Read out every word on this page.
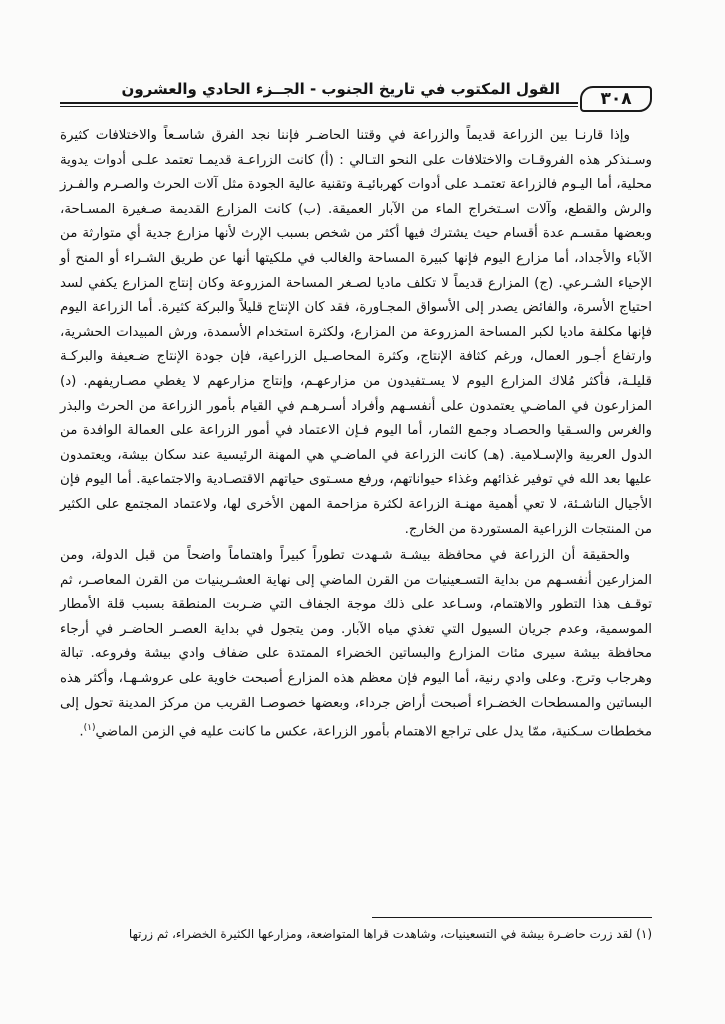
٣٠٨
القول المكتوب في تاريخ الجنوب - الجــزء الحادي والعشرون

وإذا قارنـا بين الزراعة قديماً والزراعة في وقتنا الحاضـر فإننا نجد الفرق شاسـعاً والاختلافات كثيرة وسـنذكر هذه الفروقـات والاختلافات على النحو التـالي : (أ) كانت الزراعـة قديمـا تعتمد علـى أدوات يدوية محلية، أما اليـوم فالزراعة تعتمـد على أدوات كهربائيـة وتقنية عالية الجودة مثل آلات الحرث والصـرم والفـرز والرش والقطع، وآلات اسـتخراج الماء من الآبار العميقة. (ب) كانت المزارع القديمة صـغيرة المسـاحة، وبعضها مقسـم عدة أقسام حيث يشترك فيها أكثر من شخص بسبب الإرث لأنها مزارع جدية أي متوارثة من الآباء والأجداد، أما مزارع اليوم فإنها كبيرة المساحة والغالب في ملكيتها أنها عن طريق الشـراء أو المنح أو الإحياء الشـرعي. (ج) المزارع قديماً لا تكلف ماديا لصـغر المساحة المزروعة وكان إنتاج المزارع يكفي لسد احتياج الأسرة، والفائض يصدر إلى الأسواق المجـاورة، فقد كان الإنتاج قليلاً والبركة كثيرة. أما الزراعة اليوم فإنها مكلفة ماديا لكبر المساحة المزروعة من المزارع، ولكثرة استخدام الأسمدة، ورش المبيدات الحشرية، وارتفاع أجـور العمال، ورغم كثافة الإنتاج، وكثرة المحاصـيل الزراعية، فإن جودة الإنتاج ضـعيفة والبركـة قليلـة، فأكثر مُلاك المزارع اليوم لا يسـتفيدون من مزارعهـم، وإنتاج مزارعهم لا يغطي مصـاريفهم. (د) المزارعون في الماضـي يعتمدون على أنفسـهم وأفراد أسـرهـم في القيام بأمور الزراعة من الحرث والبذر والغرس والسـقيا والحصـاد وجمع الثمار، أما اليوم فـإن الاعتماد في أمور الزراعة على العمالة الوافدة من الدول العربية والإسـلامية. (هـ) كانت الزراعة في الماضـي هي المهنة الرئيسية عند سكان بيشة، ويعتمدون عليها بعد الله في توفير غذائهم وغذاء حيواناتهم، ورفع مسـتوى حياتهم الاقتصـادية والاجتماعية. أما اليوم فإن الأجيال الناشـئة، لا تعي أهمية مهنـة الزراعة لكثرة مزاحمة المهن الأخرى لها، ولاعتماد المجتمع على الكثير من المنتجات الزراعية المستوردة من الخارج.

والحقيقة أن الزراعة في محافظة بيشـة شـهدت تطوراً كبيراً واهتماماً واضحاً من قبل الدولة، ومن المزارعين أنفسـهم من بداية التسـعينيات من القرن الماضي إلى نهاية العشـرينيات من القرن المعاصـر، ثم توقـف هذا التطور والاهتمام، وسـاعد على ذلك موجة الجفاف التي ضـربت المنطقة بسبب قلة الأمطار الموسمية، وعدم جريان السيول التي تغذي مياه الآبار. ومن يتجول في بداية العصـر الحاضـر في أرجاء محافظة بيشة سيرى مئات المزارع والبساتين الخضراء الممتدة على ضفاف وادي بيشة وفروعه. تبالة وهرجاب وترج. وعلى وادي رنية، أما اليوم فإن معظم هذه المزارع أصبحت خاوية على عروشـهـا، وأكثر هذه البساتين والمسطحات الخضـراء أصبحت أراض جرداء، وبعضها خصوصـا القريب من مركز المدينة تحول إلى مخططات سـكنية، ممّا يدل على تراجع الاهتمام بأمور الزراعة، عكس ما كانت عليه في الزمن الماضي$^{(١)}$.

(١) لقد زرت حاضـرة بيشة في التسعينيات، وشاهدت قراها المتواضعة، ومزارعها الكثيرة الخضراء، ثم زرتها
